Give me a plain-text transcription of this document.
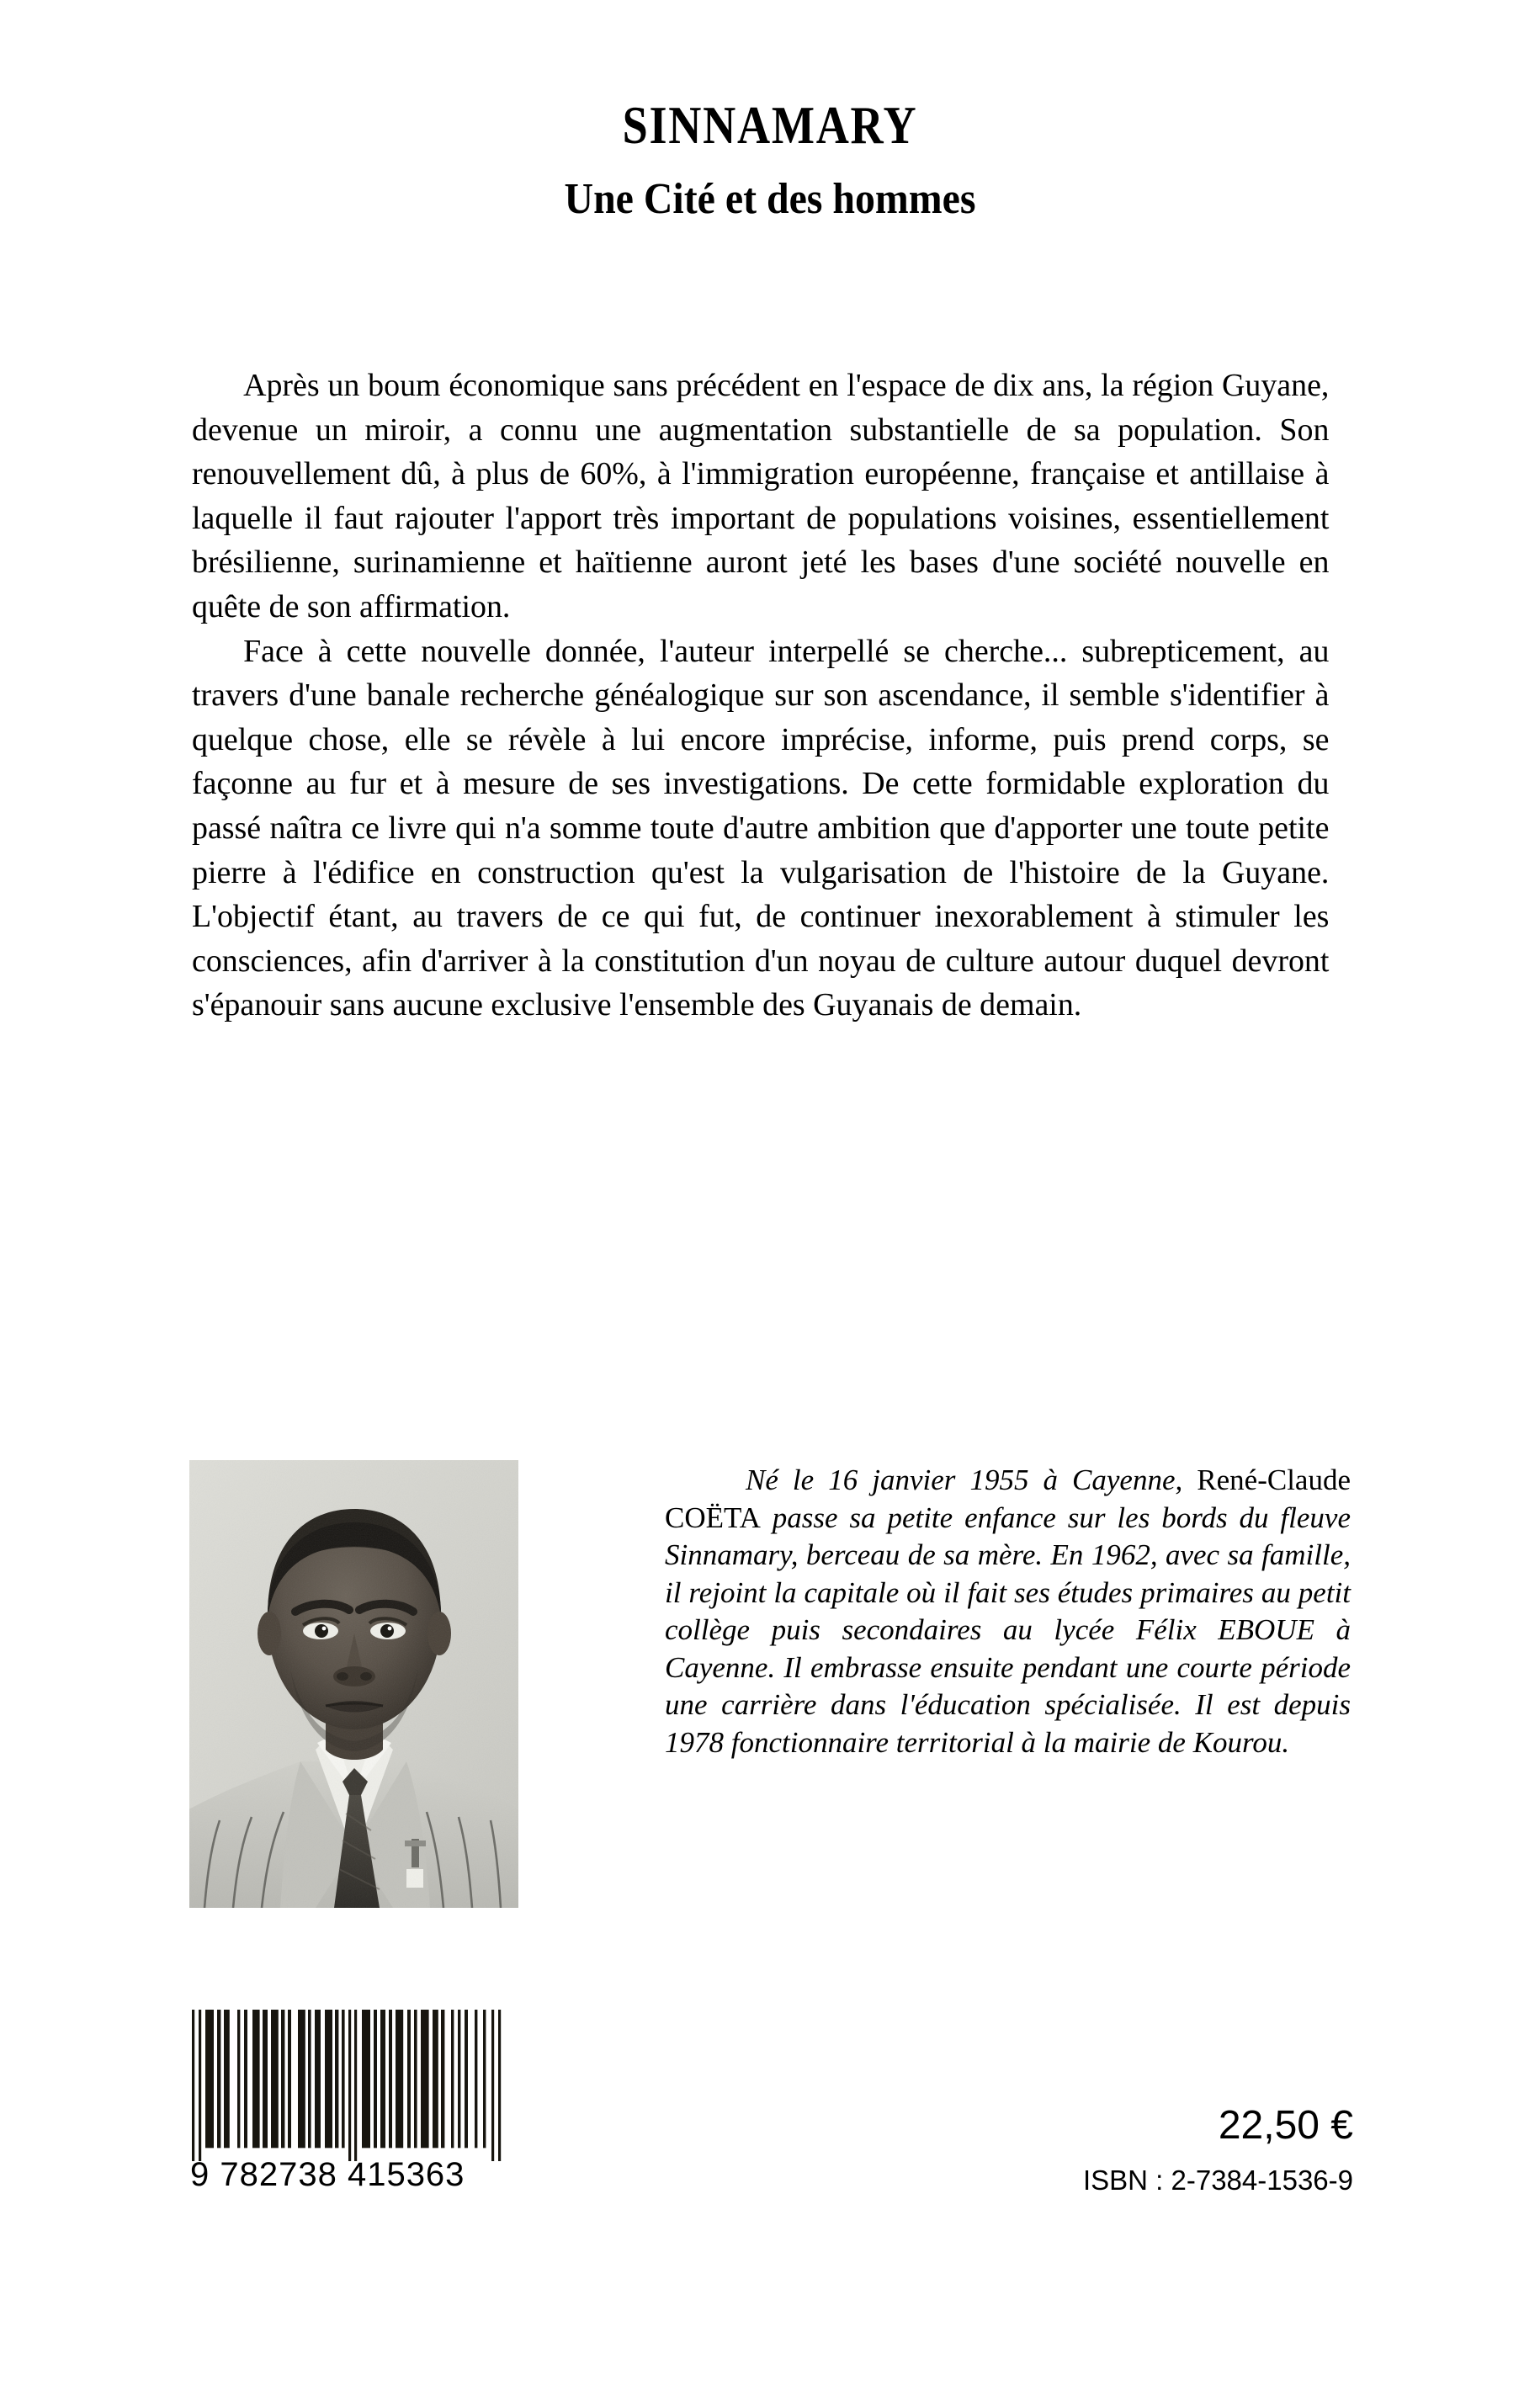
SINNAMARY
Une Cité et des hommes

Après un boum économique sans précédent en l'espace de dix ans, la région Guyane, devenue un miroir, a connu une augmentation substantielle de sa population. Son renouvellement dû, à plus de 60%, à l'immigration européenne, française et antillaise à laquelle il faut rajouter l'apport très important de populations voisines, essentiellement brésilienne, surinamienne et haïtienne auront jeté les bases d'une société nouvelle en quête de son affirmation.

Face à cette nouvelle donnée, l'auteur interpellé se cherche... subrepticement, au travers d'une banale recherche généalogique sur son ascendance, il semble s'identifier à quelque chose, elle se révèle à lui encore imprécise, informe, puis prend corps, se façonne au fur et à mesure de ses investigations. De cette formidable exploration du passé naîtra ce livre qui n'a somme toute d'autre ambition que d'apporter une toute petite pierre à l'édifice en construction qu'est la vulgarisation de l'histoire de la Guyane. L'objectif étant, au travers de ce qui fut, de continuer inexorablement à stimuler les consciences, afin d'arriver à la constitution d'un noyau de culture autour duquel devront s'épanouir sans aucune exclusive l'ensemble des Guyanais de demain.

Né le 16 janvier 1955 à Cayenne, René-Claude COËTA passe sa petite enfance sur les bords du fleuve Sinnamary, berceau de sa mère. En 1962, avec sa famille, il rejoint la capitale où il fait ses études primaires au petit collège puis secondaires au lycée Félix EBOUE à Cayenne. Il embrasse ensuite pendant une courte période une carrière dans l'éducation spécialisée. Il est depuis 1978 fonctionnaire territorial à la mairie de Kourou.

9 782738 415363
22,50 €
ISBN : 2-7384-1536-9
